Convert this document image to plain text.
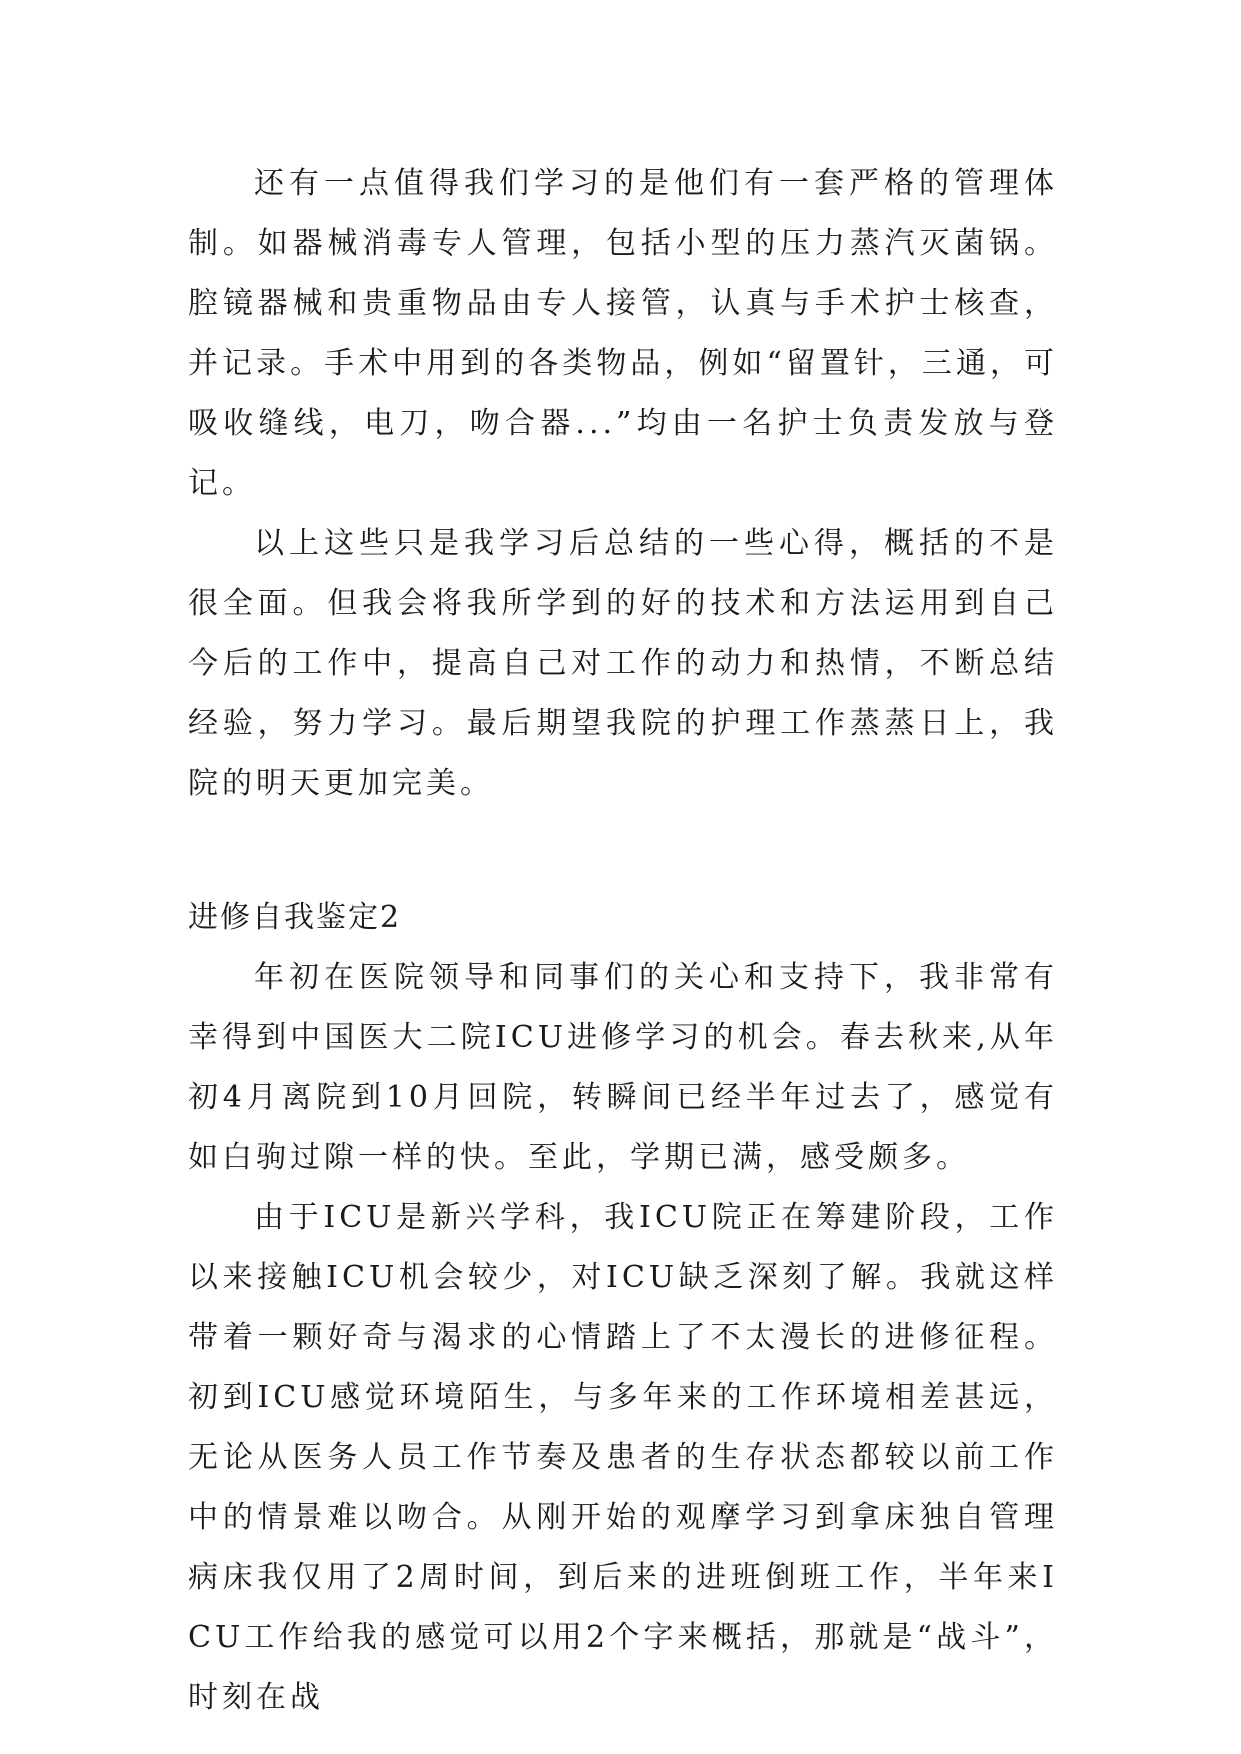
还有一点值得我们学习的是他们有一套严格的管理体制。如器械消毒专人管理，包括小型的压力蒸汽灭菌锅。腔镜器械和贵重物品由专人接管，认真与手术护士核查，并记录。手术中用到的各类物品，例如“留置针，三通，可吸收缝线，电刀，吻合器...”均由一名护士负责发放与登记。

以上这些只是我学习后总结的一些心得，概括的不是很全面。但我会将我所学到的好的技术和方法运用到自己今后的工作中，提高自己对工作的动力和热情，不断总结经验，努力学习。最后期望我院的护理工作蒸蒸日上，我院的明天更加完美。

进修自我鉴定2

年初在医院领导和同事们的关心和支持下，我非常有幸得到中国医大二院ICU进修学习的机会。春去秋来,从年初4月离院到10月回院，转瞬间已经半年过去了，感觉有如白驹过隙一样的快。至此，学期已满，感受颇多。

由于ICU是新兴学科，我ICU院正在筹建阶段，工作以来接触ICU机会较少，对ICU缺乏深刻了解。我就这样带着一颗好奇与渴求的心情踏上了不太漫长的进修征程。初到ICU感觉环境陌生，与多年来的工作环境相差甚远，无论从医务人员工作节奏及患者的生存状态都较以前工作中的情景难以吻合。从刚开始的观摩学习到拿床独自管理病床我仅用了2周时间，到后来的进班倒班工作，半年来ICU工作给我的感觉可以用2个字来概括，那就是“战斗”，时刻在战
